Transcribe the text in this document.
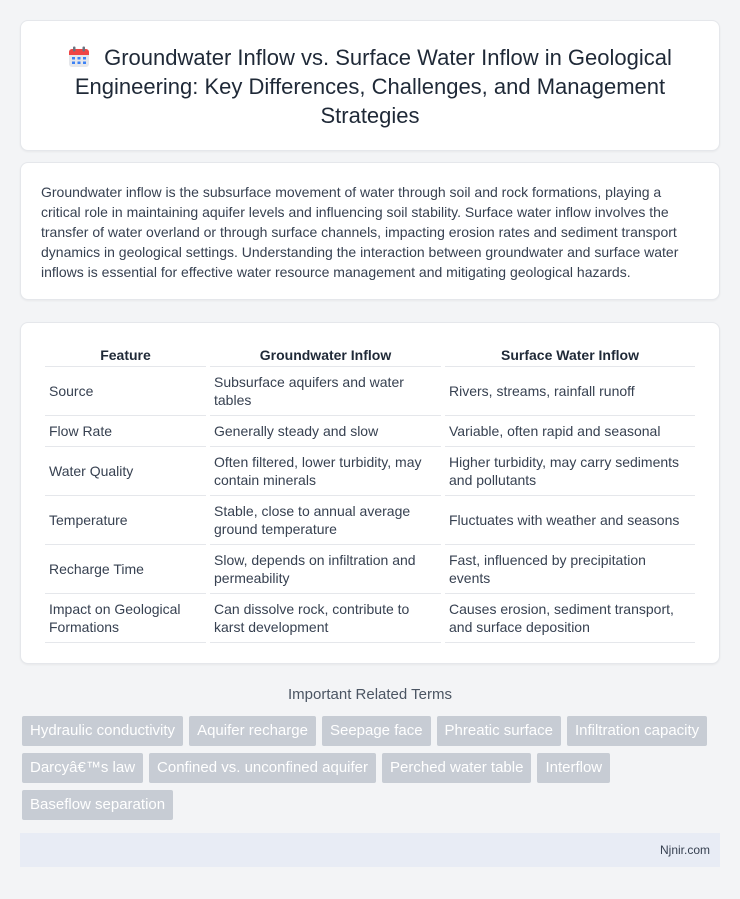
Groundwater Inflow vs. Surface Water Inflow in Geological Engineering: Key Differences, Challenges, and Management Strategies

Groundwater inflow is the subsurface movement of water through soil and rock formations, playing a critical role in maintaining aquifer levels and influencing soil stability. Surface water inflow involves the transfer of water overland or through surface channels, impacting erosion rates and sediment transport dynamics in geological settings. Understanding the interaction between groundwater and surface water inflows is essential for effective water resource management and mitigating geological hazards.

Feature	Groundwater Inflow	Surface Water Inflow
Source	Subsurface aquifers and water tables	Rivers, streams, rainfall runoff
Flow Rate	Generally steady and slow	Variable, often rapid and seasonal
Water Quality	Often filtered, lower turbidity, may contain minerals	Higher turbidity, may carry sediments and pollutants
Temperature	Stable, close to annual average ground temperature	Fluctuates with weather and seasons
Recharge Time	Slow, depends on infiltration and permeability	Fast, influenced by precipitation events
Impact on Geological Formations	Can dissolve rock, contribute to karst development	Causes erosion, sediment transport, and surface deposition
Important Related Terms
Hydraulic conductivity	Aquifer recharge	Seepage face	Phreatic surface	Infiltration capacity
Darcyâ€™s law	Confined vs. unconfined aquifer	Perched water table	Interflow
Baseflow separation
Njnir.com
